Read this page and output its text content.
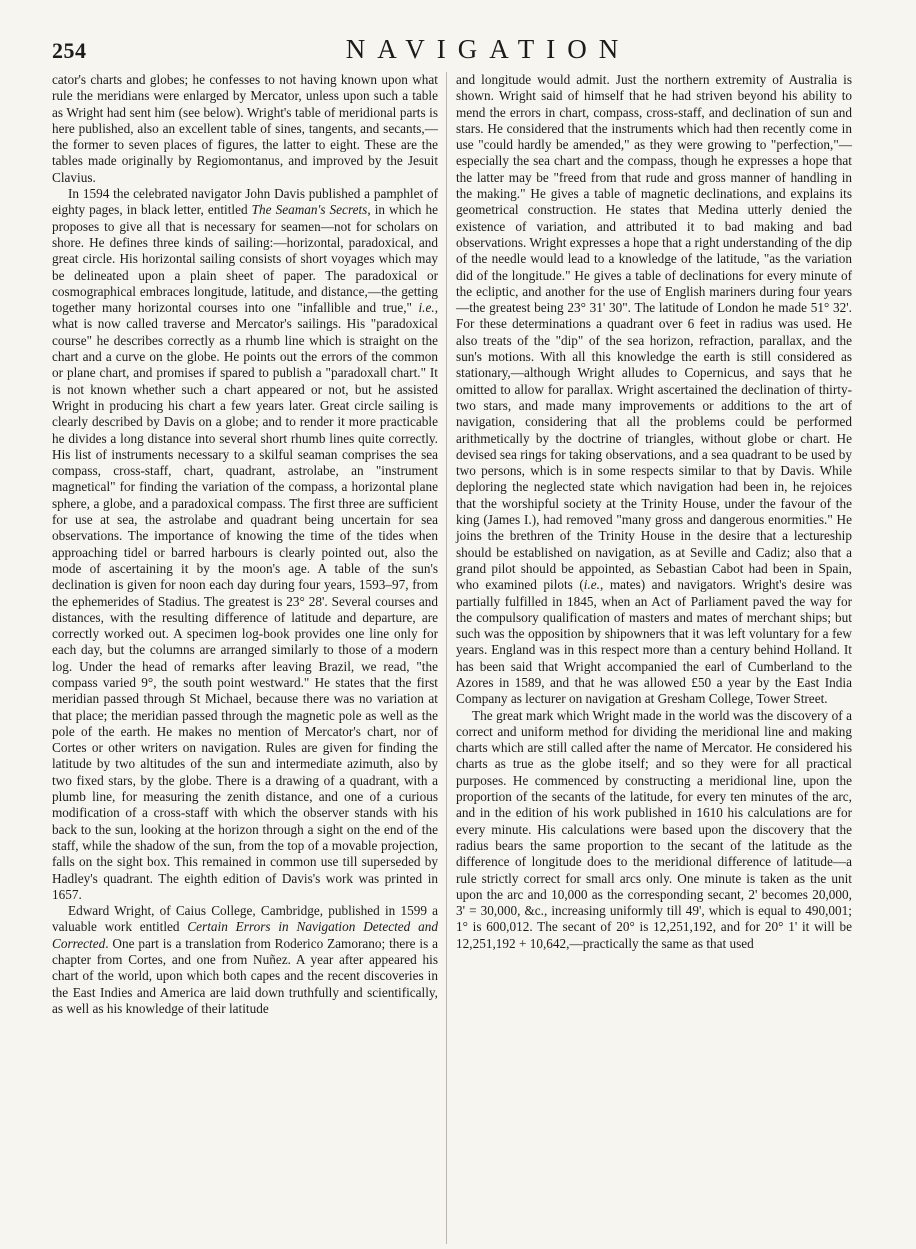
254	NAVIGATION

cator's charts and globes; he confesses to not having known upon what rule the meridians were enlarged by Mercator, unless upon such a table as Wright had sent him (see below). Wright's table of meridional parts is here published, also an excellent table of sines, tangents, and secants,—the former to seven places of figures, the latter to eight. These are the tables made originally by Regiomontanus, and improved by the Jesuit Clavius.

In 1594 the celebrated navigator John Davis published a pamphlet of eighty pages, in black letter, entitled The Seaman's Secrets, in which he proposes to give all that is necessary for seamen—not for scholars on shore. He defines three kinds of sailing:—horizontal, paradoxical, and great circle. His horizontal sailing consists of short voyages which may be delineated upon a plain sheet of paper. The paradoxical or cosmographical embraces longitude, latitude, and distance,—the getting together many horizontal courses into one "infallible and true," i.e., what is now called traverse and Mercator's sailings. His "paradoxical course" he describes correctly as a rhumb line which is straight on the chart and a curve on the globe. He points out the errors of the common or plane chart, and promises if spared to publish a "paradoxall chart." It is not known whether such a chart appeared or not, but he assisted Wright in producing his chart a few years later. Great circle sailing is clearly described by Davis on a globe; and to render it more practicable he divides a long distance into several short rhumb lines quite correctly. His list of instruments necessary to a skilful seaman comprises the sea compass, cross-staff, chart, quadrant, astrolabe, an "instrument magnetical" for finding the variation of the compass, a horizontal plane sphere, a globe, and a paradoxical compass. The first three are sufficient for use at sea, the astrolabe and quadrant being uncertain for sea observations. The importance of knowing the time of the tides when approaching tidel or barred harbours is clearly pointed out, also the mode of ascertaining it by the moon's age. A table of the sun's declination is given for noon each day during four years, 1593–97, from the ephemerides of Stadius. The greatest is 23° 28'. Several courses and distances, with the resulting difference of latitude and departure, are correctly worked out. A specimen log-book provides one line only for each day, but the columns are arranged similarly to those of a modern log. Under the head of remarks after leaving Brazil, we read, "the compass varied 9°, the south point westward." He states that the first meridian passed through St Michael, because there was no variation at that place; the meridian passed through the magnetic pole as well as the pole of the earth. He makes no mention of Mercator's chart, nor of Cortes or other writers on navigation. Rules are given for finding the latitude by two altitudes of the sun and intermediate azimuth, also by two fixed stars, by the globe. There is a drawing of a quadrant, with a plumb line, for measuring the zenith distance, and one of a curious modification of a cross-staff with which the observer stands with his back to the sun, looking at the horizon through a sight on the end of the staff, while the shadow of the sun, from the top of a movable projection, falls on the sight box. This remained in common use till superseded by Hadley's quadrant. The eighth edition of Davis's work was printed in 1657.

Edward Wright, of Caius College, Cambridge, published in 1599 a valuable work entitled Certain Errors in Navigation Detected and Corrected. One part is a translation from Roderico Zamorano; there is a chapter from Cortes, and one from Nuñez. A year after appeared his chart of the world, upon which both capes and the recent discoveries in the East Indies and America are laid down truthfully and scientifically, as well as his knowledge of their latitude

and longitude would admit. Just the northern extremity of Australia is shown. Wright said of himself that he had striven beyond his ability to mend the errors in chart, compass, cross-staff, and declination of sun and stars. He considered that the instruments which had then recently come in use "could hardly be amended," as they were growing to "perfection,"—especially the sea chart and the compass, though he expresses a hope that the latter may be "freed from that rude and gross manner of handling in the making." He gives a table of magnetic declinations, and explains its geometrical construction. He states that Medina utterly denied the existence of variation, and attributed it to bad making and bad observations. Wright expresses a hope that a right understanding of the dip of the needle would lead to a knowledge of the latitude, "as the variation did of the longitude." He gives a table of declinations for every minute of the ecliptic, and another for the use of English mariners during four years—the greatest being 23° 31' 30". The latitude of London he made 51° 32'. For these determinations a quadrant over 6 feet in radius was used. He also treats of the "dip" of the sea horizon, refraction, parallax, and the sun's motions. With all this knowledge the earth is still considered as stationary,—although Wright alludes to Copernicus, and says that he omitted to allow for parallax. Wright ascertained the declination of thirty-two stars, and made many improvements or additions to the art of navigation, considering that all the problems could be performed arithmetically by the doctrine of triangles, without globe or chart. He devised sea rings for taking observations, and a sea quadrant to be used by two persons, which is in some respects similar to that by Davis. While deploring the neglected state which navigation had been in, he rejoices that the worshipful society at the Trinity House, under the favour of the king (James I.), had removed "many gross and dangerous enormities." He joins the brethren of the Trinity House in the desire that a lectureship should be established on navigation, as at Seville and Cadiz; also that a grand pilot should be appointed, as Sebastian Cabot had been in Spain, who examined pilots (i.e., mates) and navigators. Wright's desire was partially fulfilled in 1845, when an Act of Parliament paved the way for the compulsory qualification of masters and mates of merchant ships; but such was the opposition by shipowners that it was left voluntary for a few years. England was in this respect more than a century behind Holland. It has been said that Wright accompanied the earl of Cumberland to the Azores in 1589, and that he was allowed £50 a year by the East India Company as lecturer on navigation at Gresham College, Tower Street.

The great mark which Wright made in the world was the discovery of a correct and uniform method for dividing the meridional line and making charts which are still called after the name of Mercator. He considered his charts as true as the globe itself; and so they were for all practical purposes. He commenced by constructing a meridional line, upon the proportion of the secants of the latitude, for every ten minutes of the arc, and in the edition of his work published in 1610 his calculations are for every minute. His calculations were based upon the discovery that the radius bears the same proportion to the secant of the latitude as the difference of longitude does to the meridional difference of latitude—a rule strictly correct for small arcs only. One minute is taken as the unit upon the arc and 10,000 as the corresponding secant, 2' becomes 20,000, 3' = 30,000, &c., increasing uniformly till 49', which is equal to 490,001; 1° is 600,012. The secant of 20° is 12,251,192, and for 20° 1' it will be 12,251,192 + 10,642,—practically the same as that used
